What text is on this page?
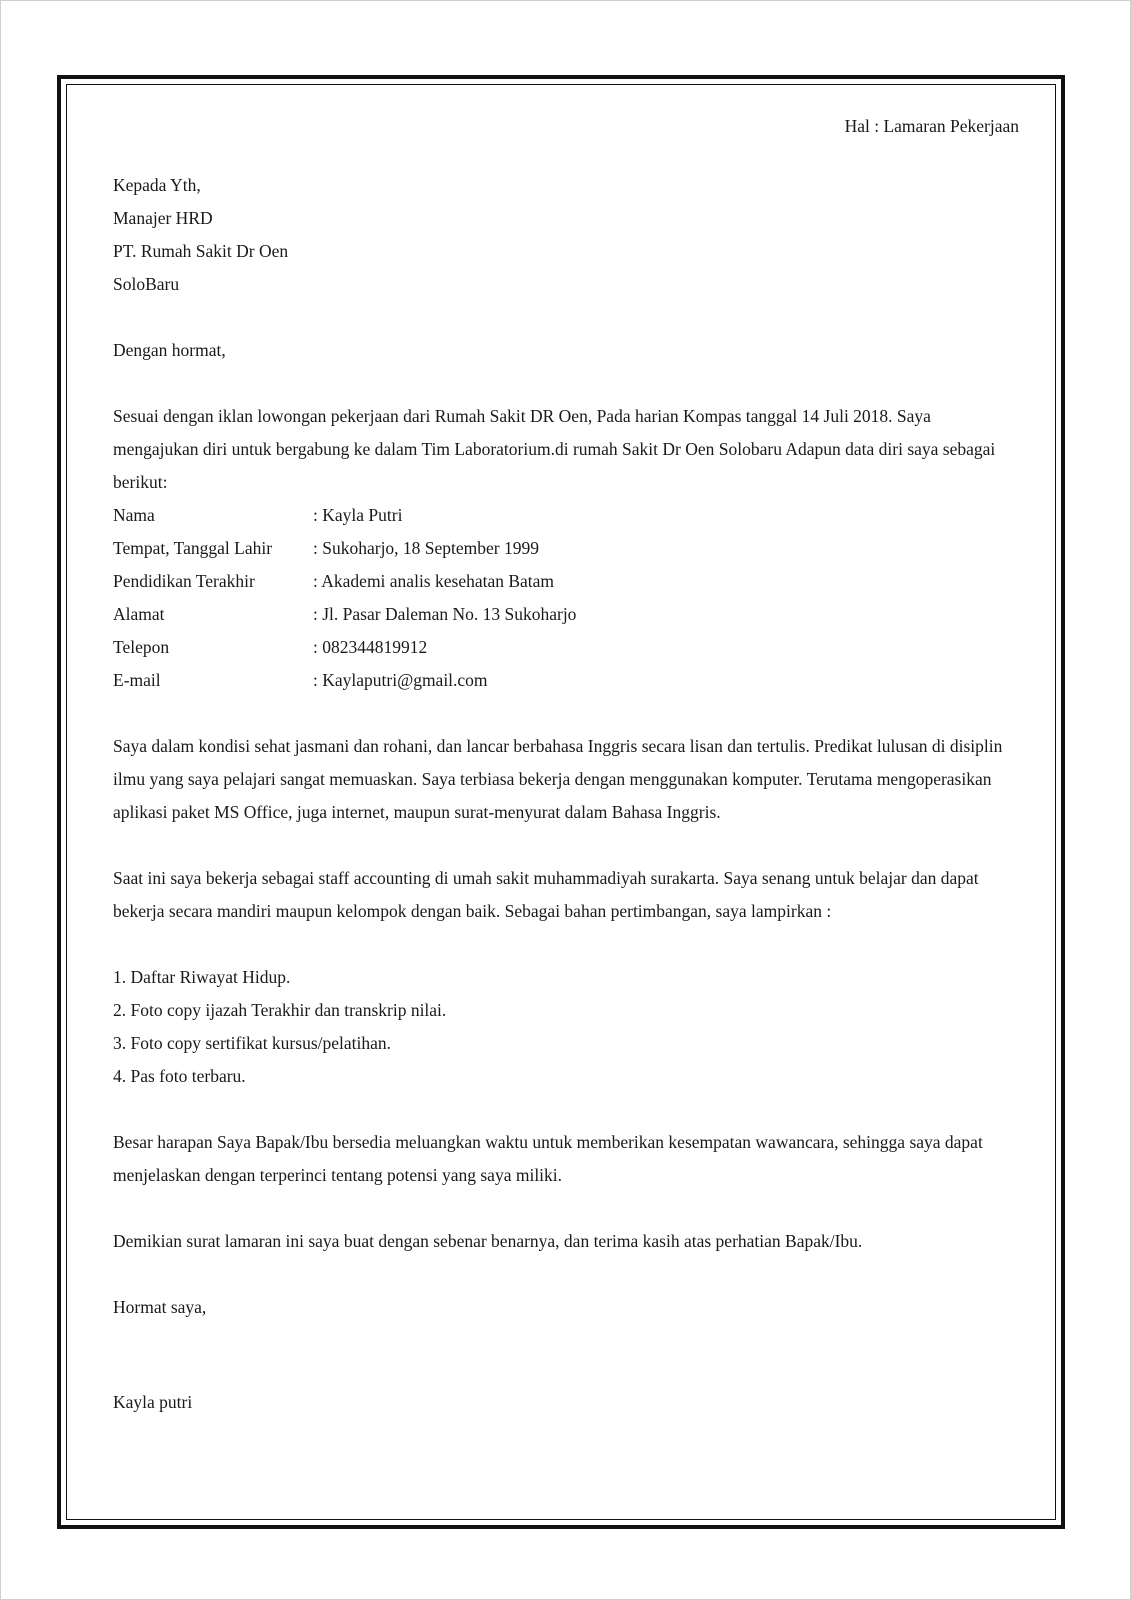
Hal : Lamaran Pekerjaan

Kepada Yth,

Manajer HRD

PT. Rumah Sakit Dr Oen

SoloBaru

Dengan hormat,

Sesuai dengan iklan lowongan pekerjaan dari Rumah Sakit DR Oen, Pada harian Kompas tanggal 14 Juli 2018. Saya mengajukan diri untuk bergabung ke dalam Tim Laboratorium.di rumah Sakit Dr Oen Solobaru Adapun data diri saya sebagai berikut:

Nama	: Kayla Putri
Tempat, Tanggal Lahir	: Sukoharjo, 18 September 1999
Pendidikan Terakhir	: Akademi analis kesehatan Batam
Alamat	: Jl. Pasar Daleman No. 13 Sukoharjo
Telepon	: 082344819912
E-mail	: Kaylaputri@gmail.com

Saya dalam kondisi sehat jasmani dan rohani, dan lancar berbahasa Inggris secara lisan dan tertulis. Predikat lulusan di disiplin ilmu yang saya pelajari sangat memuaskan. Saya terbiasa bekerja dengan menggunakan komputer. Terutama mengoperasikan aplikasi paket MS Office, juga internet, maupun surat-menyurat dalam Bahasa Inggris.

Saat ini saya bekerja sebagai staff accounting di umah sakit muhammadiyah surakarta. Saya senang untuk belajar dan dapat bekerja secara mandiri maupun kelompok dengan baik. Sebagai bahan pertimbangan, saya lampirkan :

1. Daftar Riwayat Hidup.

2. Foto copy ijazah Terakhir dan transkrip nilai.

3. Foto copy sertifikat kursus/pelatihan.

4. Pas foto terbaru.

Besar harapan Saya Bapak/Ibu bersedia meluangkan waktu untuk memberikan kesempatan wawancara, sehingga saya dapat menjelaskan dengan terperinci tentang potensi yang saya miliki.

Demikian surat lamaran ini saya buat dengan sebenar benarnya, dan terima kasih atas perhatian Bapak/Ibu.

Hormat saya,

Kayla putri
